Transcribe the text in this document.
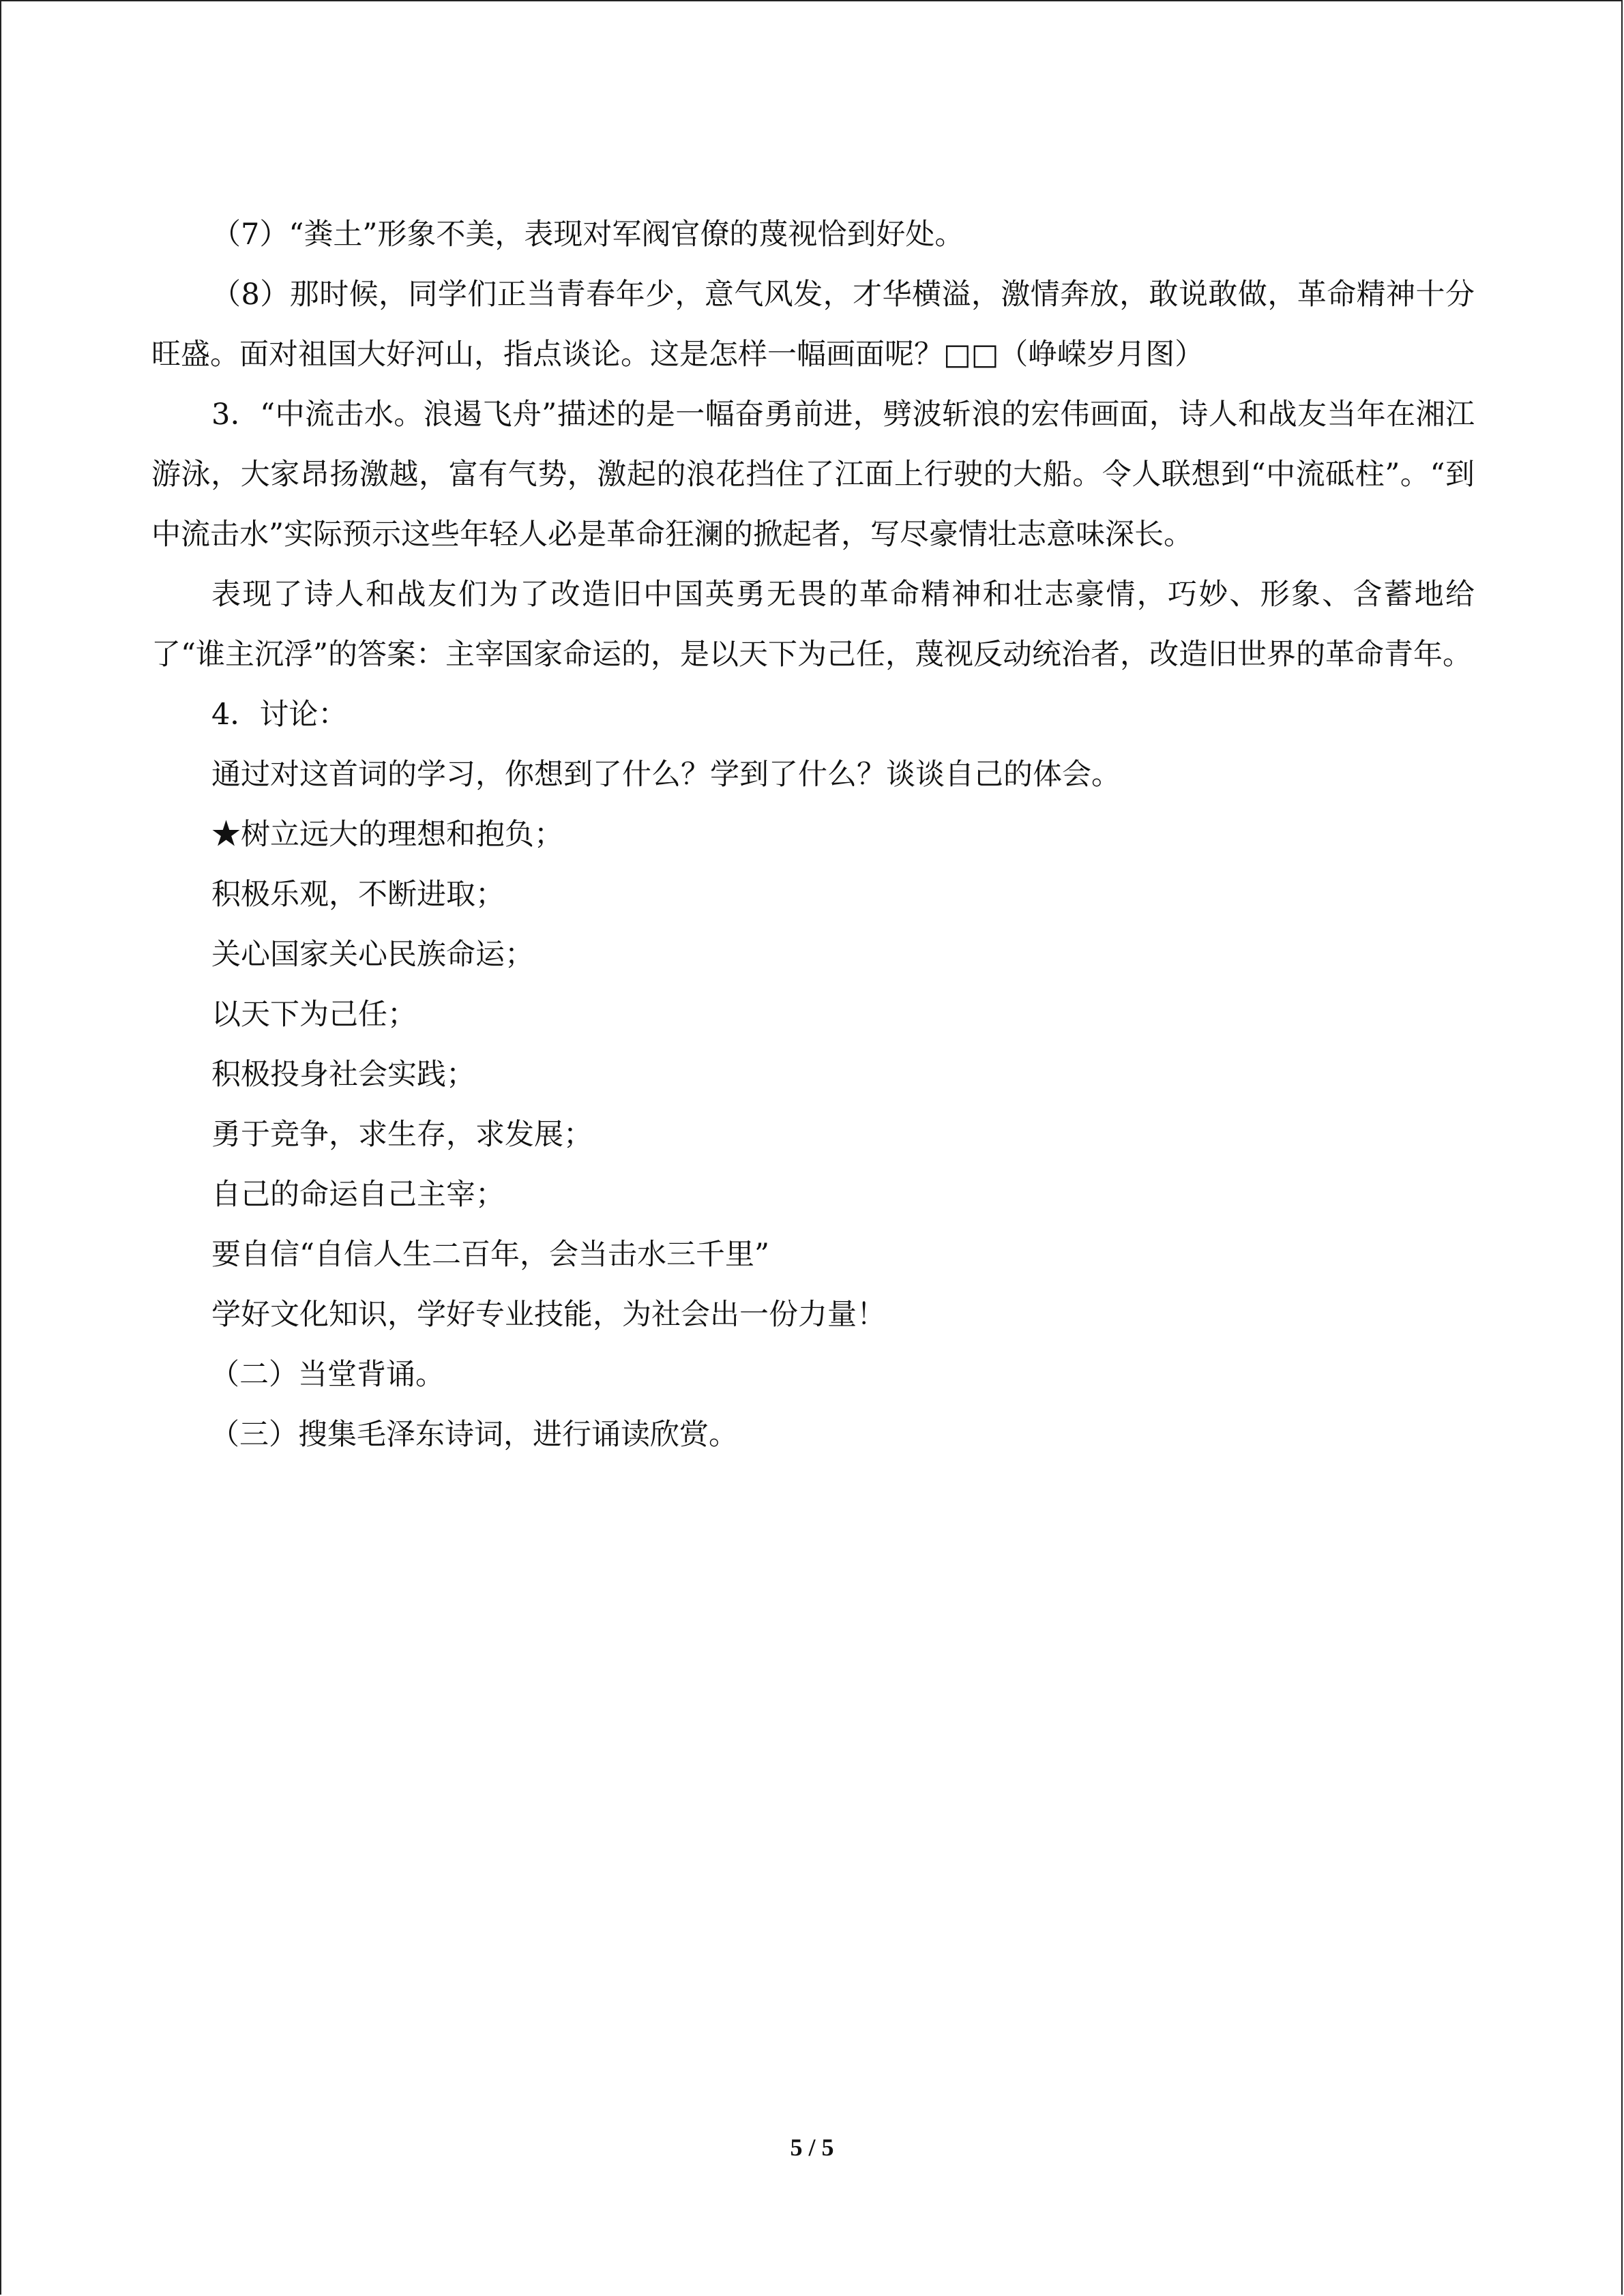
（7）“粪土”形象不美，表现对军阀官僚的蔑视恰到好处。

（8）那时候，同学们正当青春年少，意气风发，才华横溢，激情奔放，敢说敢做，革命精神十分旺盛。面对祖国大好河山，指点谈论。这是怎样一幅画面呢？□□（峥嵘岁月图）

3．“中流击水。浪遏飞舟”描述的是一幅奋勇前进，劈波斩浪的宏伟画面，诗人和战友当年在湘江游泳，大家昂扬激越，富有气势，激起的浪花挡住了江面上行驶的大船。令人联想到“中流砥柱”。“到中流击水”实际预示这些年轻人必是革命狂澜的掀起者，写尽豪情壮志意味深长。

表现了诗人和战友们为了改造旧中国英勇无畏的革命精神和壮志豪情，巧妙、形象、含蓄地给了“谁主沉浮”的答案：主宰国家命运的，是以天下为己任，蔑视反动统治者，改造旧世界的革命青年。

4．讨论：

通过对这首词的学习，你想到了什么？学到了什么？谈谈自己的体会。

★树立远大的理想和抱负；

积极乐观，不断进取；

关心国家关心民族命运；

以天下为己任；

积极投身社会实践；

勇于竞争，求生存，求发展；

自己的命运自己主宰；

要自信“自信人生二百年，会当击水三千里”

学好文化知识，学好专业技能，为社会出一份力量！

（二）当堂背诵。

（三）搜集毛泽东诗词，进行诵读欣赏。

5 / 5
